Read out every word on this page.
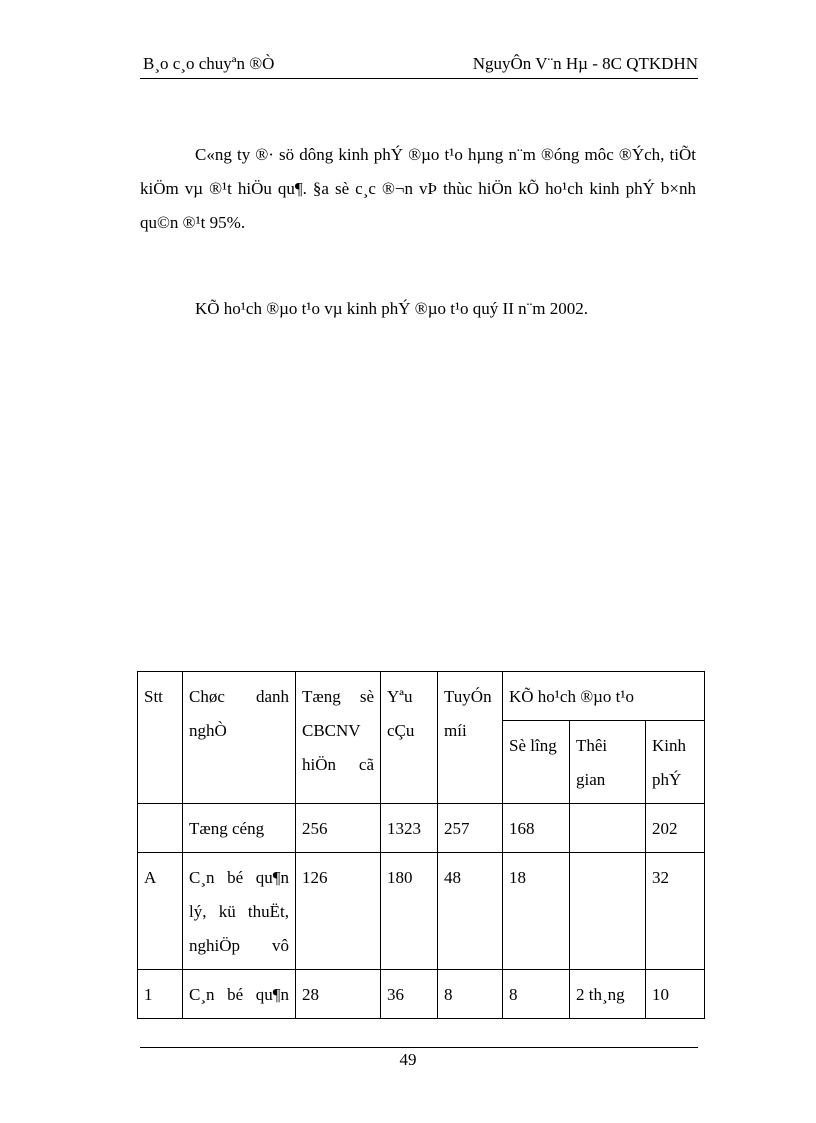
B¸o c¸o chuyªn ®Ò	NguyÔn V¨n Hµ - 8C QTKDHN
C«ng ty ®· sö dông kinh phÝ ®µo t¹o hµng n¨m ®óng môc ®Ých, tiÕt kiÖm vµ ®¹t hiÖu qu¶. §a sè c¸c ®¬n vÞ thùc hiÖn kÕ ho¹ch kinh phÝ b×nh qu©n ®¹t 95%.
KÕ ho¹ch ®µo t¹o vµ kinh phÝ ®µo t¹o quý II n¨m 2002.
Stt	Chøc danh nghÒ	Tæng sè CBCNV hiÖn cã	Yªu cÇu	TuyÓn míi	KÕ ho¹ch ®µo t¹o		
					Sè lîng	Thêi gian	Kinh phÝ
	Tæng céng	256	1323	257	168		202
A	C¸n bé qu¶n lý, kü thuËt, nghiÖp vô	126	180	48	18		32
1	C¸n bé qu¶n	28	36	8	8	2 th¸ng	10
49
